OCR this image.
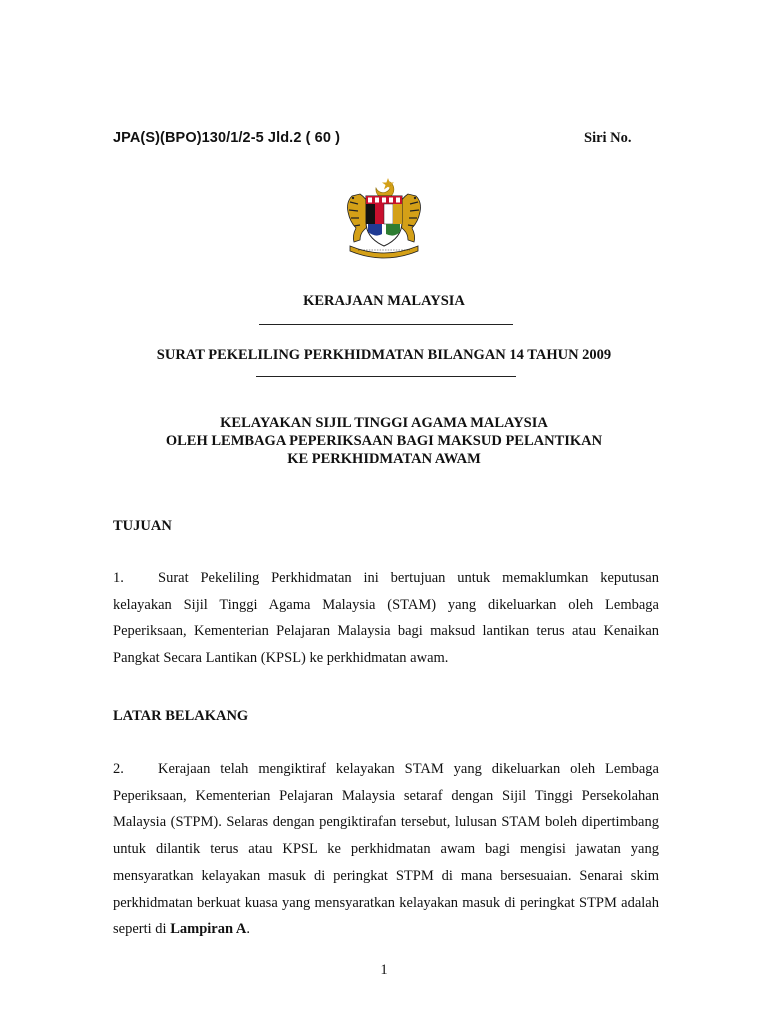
JPA(S)(BPO)130/1/2-5 Jld.2 ( 60 )	Siri No.
KERAJAAN MALAYSIA
SURAT PEKELILING PERKHIDMATAN BILANGAN 14 TAHUN 2009
KELAYAKAN SIJIL TINGGI AGAMA MALAYSIA
OLEH LEMBAGA PEPERIKSAAN BAGI MAKSUD PELANTIKAN
KE PERKHIDMATAN AWAM
TUJUAN
1. Surat Pekeliling Perkhidmatan ini bertujuan untuk memaklumkan keputusan kelayakan Sijil Tinggi Agama Malaysia (STAM) yang dikeluarkan oleh Lembaga Peperiksaan, Kementerian Pelajaran Malaysia bagi maksud lantikan terus atau Kenaikan Pangkat Secara Lantikan (KPSL) ke perkhidmatan awam.
LATAR BELAKANG
2. Kerajaan telah mengiktiraf kelayakan STAM yang dikeluarkan oleh Lembaga Peperiksaan, Kementerian Pelajaran Malaysia setaraf dengan Sijil Tinggi Persekolahan Malaysia (STPM). Selaras dengan pengiktirafan tersebut, lulusan STAM boleh dipertimbang untuk dilantik terus atau KPSL ke perkhidmatan awam bagi mengisi jawatan yang mensyaratkan kelayakan masuk di peringkat STPM di mana bersesuaian. Senarai skim perkhidmatan berkuat kuasa yang mensyaratkan kelayakan masuk di peringkat STPM adalah seperti di Lampiran A.
1
